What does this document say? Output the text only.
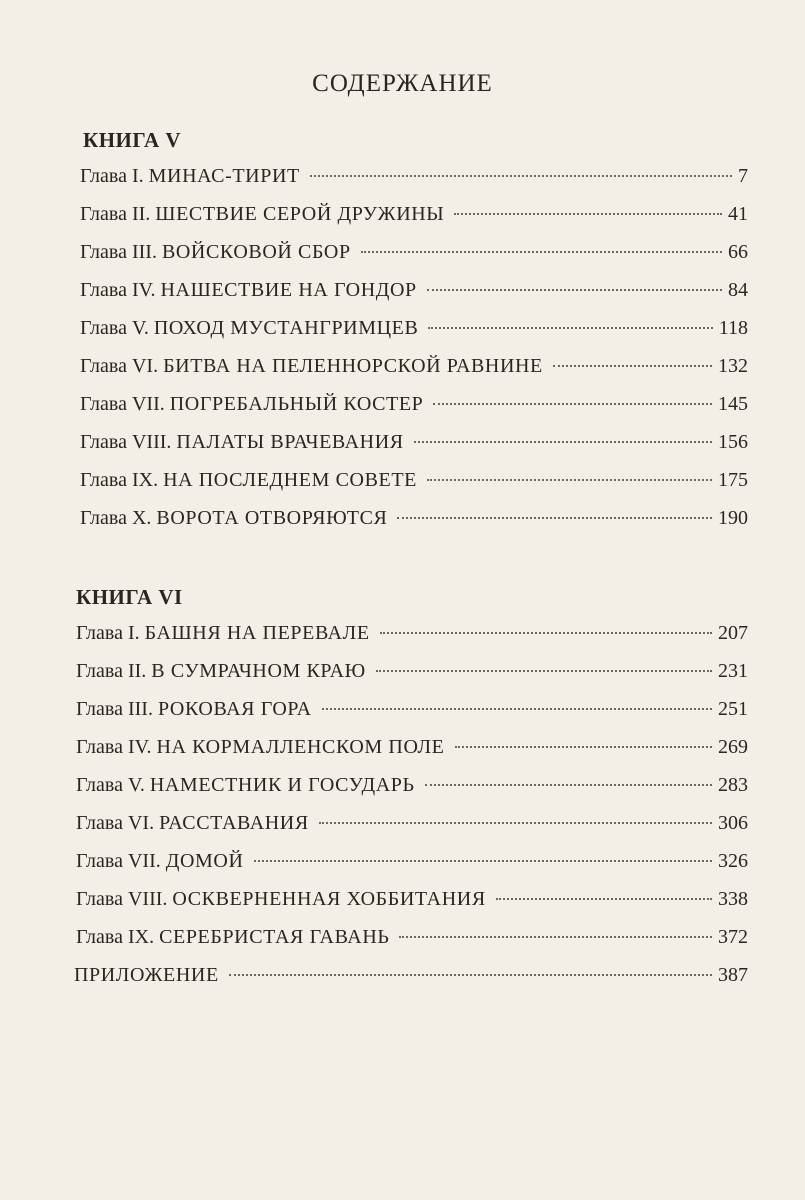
СОДЕРЖАНИЕ
КНИГА V
Глава I. МИНАС-ТИРИТ	7
Глава II. ШЕСТВИЕ СЕРОЙ ДРУЖИНЫ	41
Глава III. ВОЙСКОВОЙ СБОР	66
Глава IV. НАШЕСТВИЕ НА ГОНДОР	84
Глава V. ПОХОД МУСТАНГРИМЦЕВ	118
Глава VI. БИТВА НА ПЕЛЕННОРСКОЙ РАВНИНЕ	132
Глава VII. ПОГРЕБАЛЬНЫЙ КОСТЕР	145
Глава VIII. ПАЛАТЫ ВРАЧЕВАНИЯ	156
Глава IX. НА ПОСЛЕДНЕМ СОВЕТЕ	175
Глава X. ВОРОТА ОТВОРЯЮТСЯ	190
КНИГА VI
Глава I. БАШНЯ НА ПЕРЕВАЛЕ	207
Глава II. В СУМРАЧНОМ КРАЮ	231
Глава III. РОКОВАЯ ГОРА	251
Глава IV. НА КОРМАЛЛЕНСКОМ ПОЛЕ	269
Глава V. НАМЕСТНИК И ГОСУДАРЬ	283
Глава VI. РАССТАВАНИЯ	306
Глава VII. ДОМОЙ	326
Глава VIII. ОСКВЕРНЕННАЯ ХОББИТАНИЯ	338
Глава IX. СЕРЕБРИСТАЯ ГАВАНЬ	372
ПРИЛОЖЕНИЕ	387
